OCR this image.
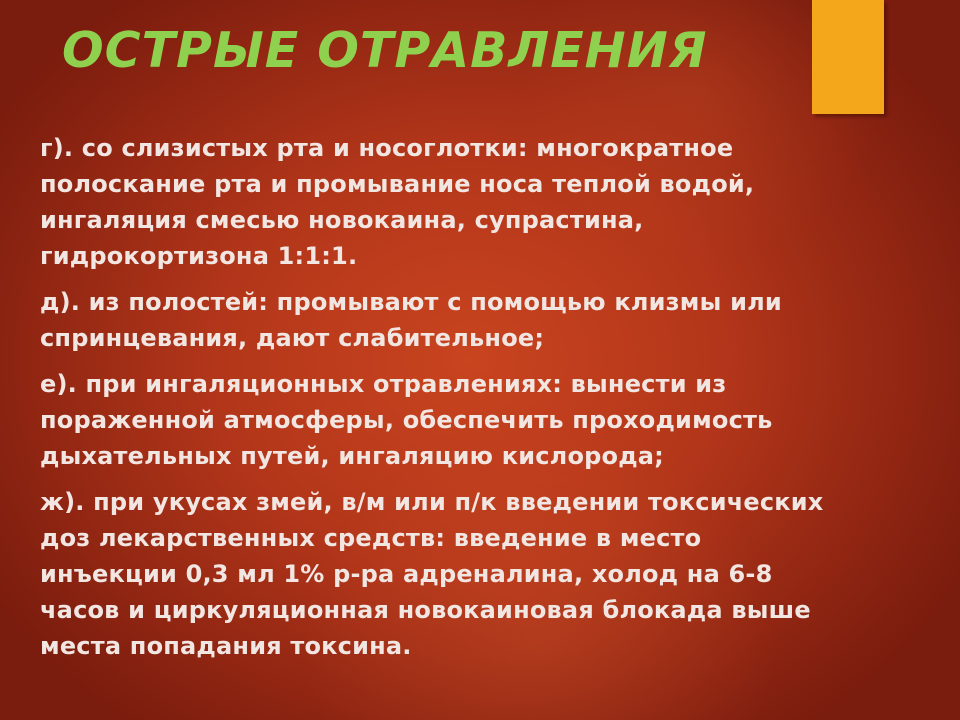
ОСТРЫЕ ОТРАВЛЕНИЯ

г). со слизистых рта и носоглотки: многократное
полоскание рта и промывание носа теплой водой,
ингаляция смесью новокаина, супрастина,
гидрокортизона 1:1:1.

д). из полостей: промывают с помощью клизмы или
спринцевания, дают слабительное;

е). при ингаляционных отравлениях: вынести из
пораженной атмосферы, обеспечить проходимость
дыхательных путей, ингаляцию кислорода;

ж). при укусах змей, в/м или п/к введении токсических
доз лекарственных средств: введение в место
инъекции 0,3 мл 1% р-ра адреналина, холод на 6-8
часов и циркуляционная новокаиновая блокада выше
места попадания токсина.
